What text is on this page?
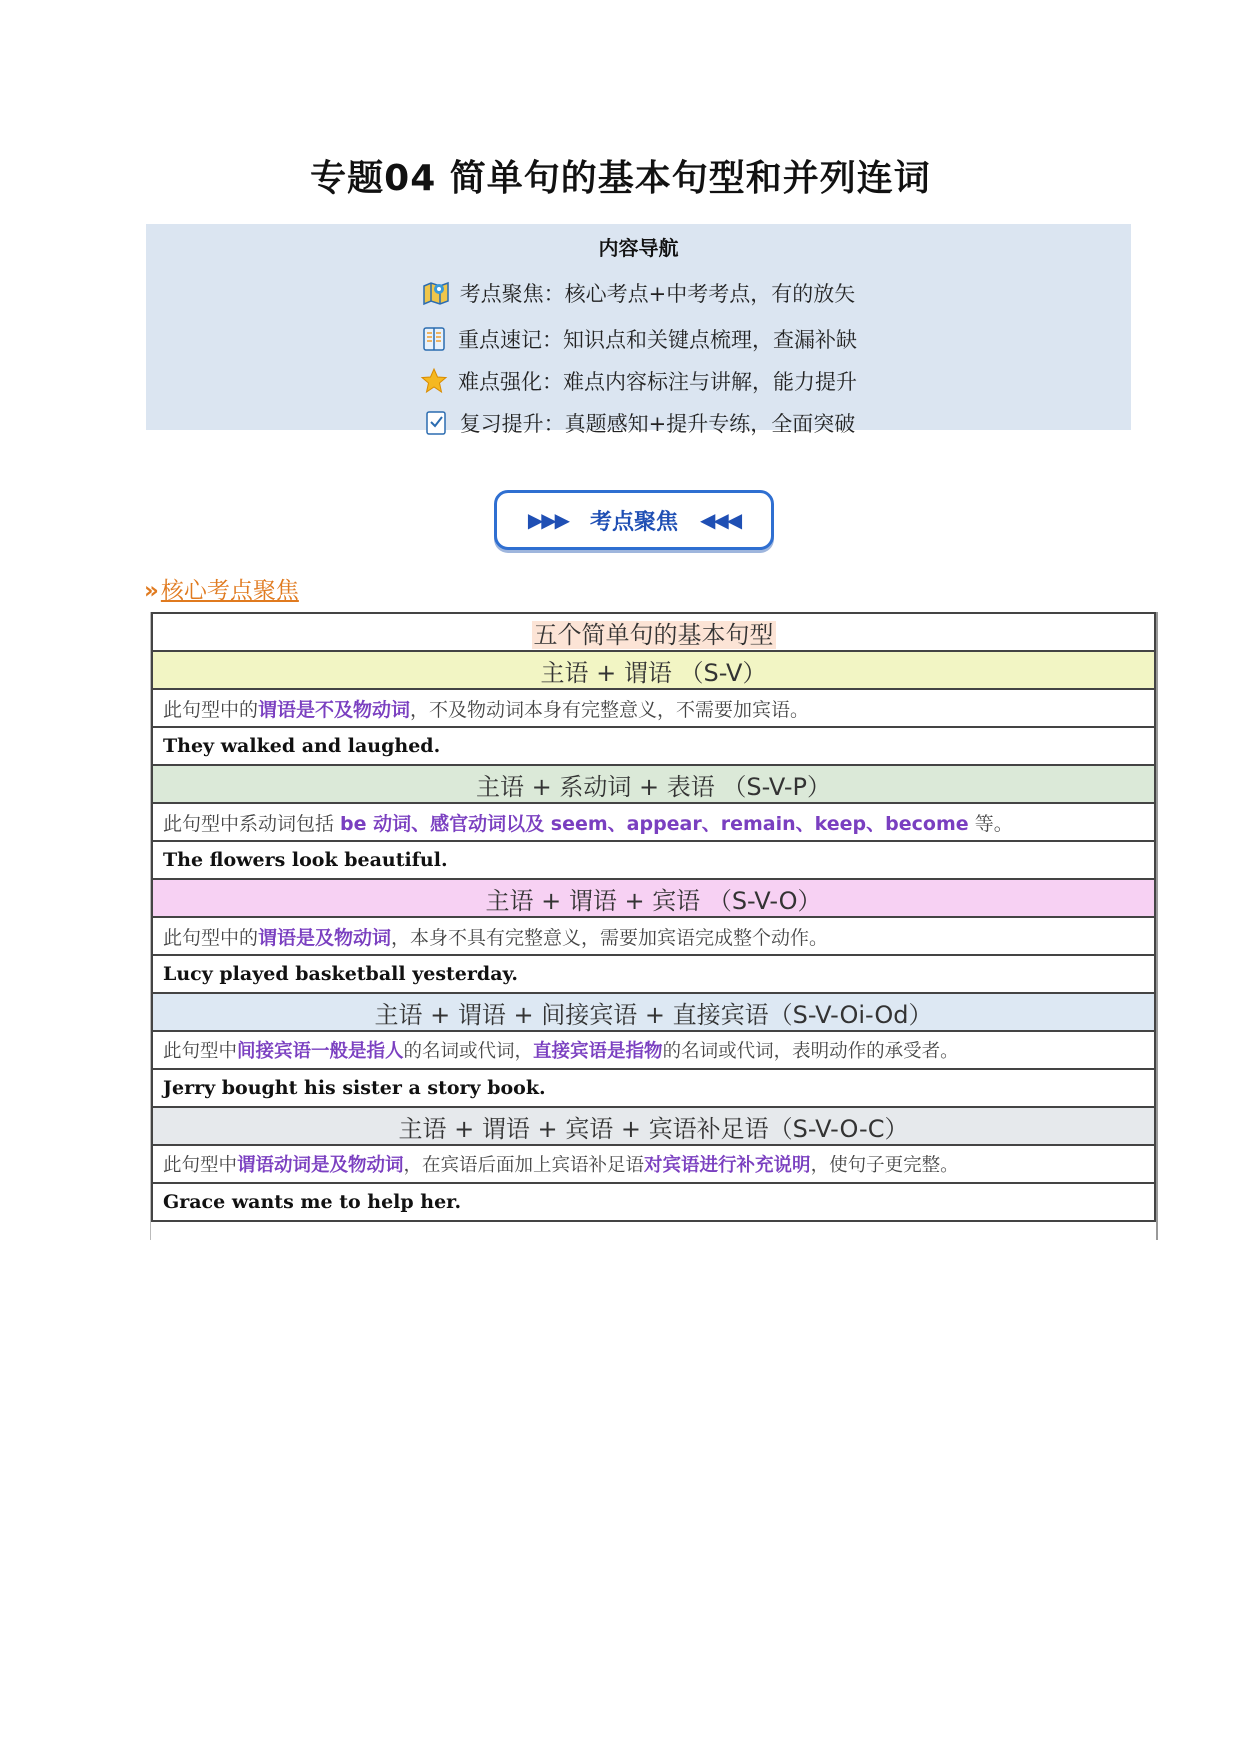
专题04 简单句的基本句型和并列连词
内容导航
考点聚焦：核心考点+中考考点，有的放矢
重点速记：知识点和关键点梳理，查漏补缺
难点强化：难点内容标注与讲解，能力提升
复习提升：真题感知+提升专练，全面突破
▶▶▶ 考点聚焦 ◀◀◀
» 核心考点聚焦
五个简单句的基本句型
主语 + 谓语 （S-V）
此句型中的谓语是不及物动词，不及物动词本身有完整意义，不需要加宾语。
They walked and laughed.
主语 + 系动词 + 表语 （S-V-P）
此句型中系动词包括 be 动词、感官动词以及 seem、appear、remain、keep、become 等。
The flowers look beautiful.
主语 + 谓语 + 宾语 （S-V-O）
此句型中的谓语是及物动词，本身不具有完整意义，需要加宾语完成整个动作。
Lucy played basketball yesterday.
主语 + 谓语 + 间接宾语 + 直接宾语（S-V-Oi-Od）
此句型中间接宾语一般是指人的名词或代词，直接宾语是指物的名词或代词，表明动作的承受者。
Jerry bought his sister a story book.
主语 + 谓语 + 宾语 + 宾语补足语（S-V-O-C）
此句型中谓语动词是及物动词，在宾语后面加上宾语补足语对宾语进行补充说明，使句子更完整。
Grace wants me to help her.
